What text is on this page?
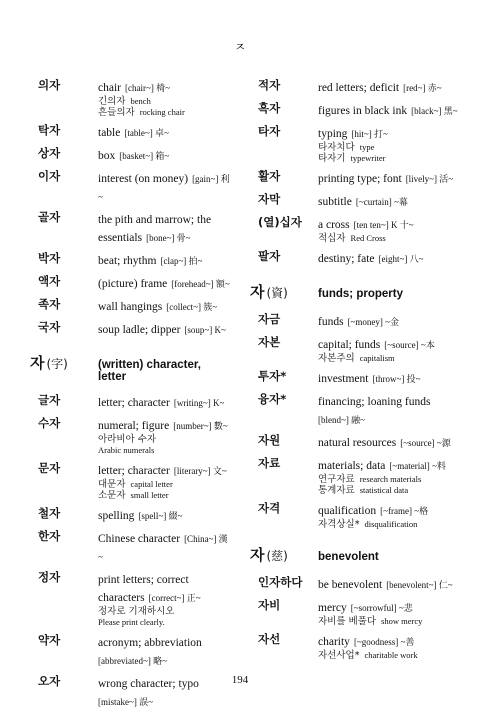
ㅈ
의자	chair [chair~] 椅~
긴의자 bench
흔들의자 rocking chair
탁자	table [table~] 卓~
상자	box [basket~] 箱~
이자	interest (on money) [gain~] 利~
골자	the pith and marrow; the essentials [bone~] 骨~
박자	beat; rhythm [clap~] 拍~
액자	(picture) frame [forehead~] 額~
족자	wall hangings [collect~] 簇~
국자	soup ladle; dipper [soup~] K~
자 (字)	(written) character, letter
글자	letter; character [writing~] K~
수자	numeral; figure [number~] 數~
아라비아 수자
Arabic numerals
문자	letter; character [literary~] 文~
대문자 capital letter
소문자 small letter
철자	spelling [spell~] 綴~
한자	Chinese character [China~] 漢~
정자	print letters; correct characters [correct~] 正~
정자로 기재하시오
Please print clearly.
약자	acronym; abbreviation [abbreviated~] 略~
오자	wrong character; typo [mistake~] 誤~
적자	red letters; deficit [red~] 赤~
흑자	figures in black ink [black~] 黑~
타자	typing [hit~] 打~
타자치다 type
타자기 typewriter
활자	printing type; font [lively~] 活~
자막	subtitle [~curtain] ~幕
(열)십자	a cross [ten ten~] K 十~
적십자 Red Cross
팔자	destiny; fate [eight~] 八~
자 (資)	funds; property
자금	funds [~money] ~金
자본	capital; funds [~source] ~本
자본주의 capitalism
투자*	investment [throw~] 投~
융자*	financing; loaning funds [blend~] 融~
자원	natural resources [~source] ~源
자료	materials; data [~material] ~料
연구자료 research materials
통계자료 statistical data
자격	qualification [~frame] ~格
자격상실* disqualification
자 (慈)	benevolent
인자하다	be benevolent [benevolent~] 仁~
자비	mercy [~sorrowful] ~悲
자비를 베풀다 show mercy
자선	charity [~goodness] ~善
자선사업* charitable work
194
